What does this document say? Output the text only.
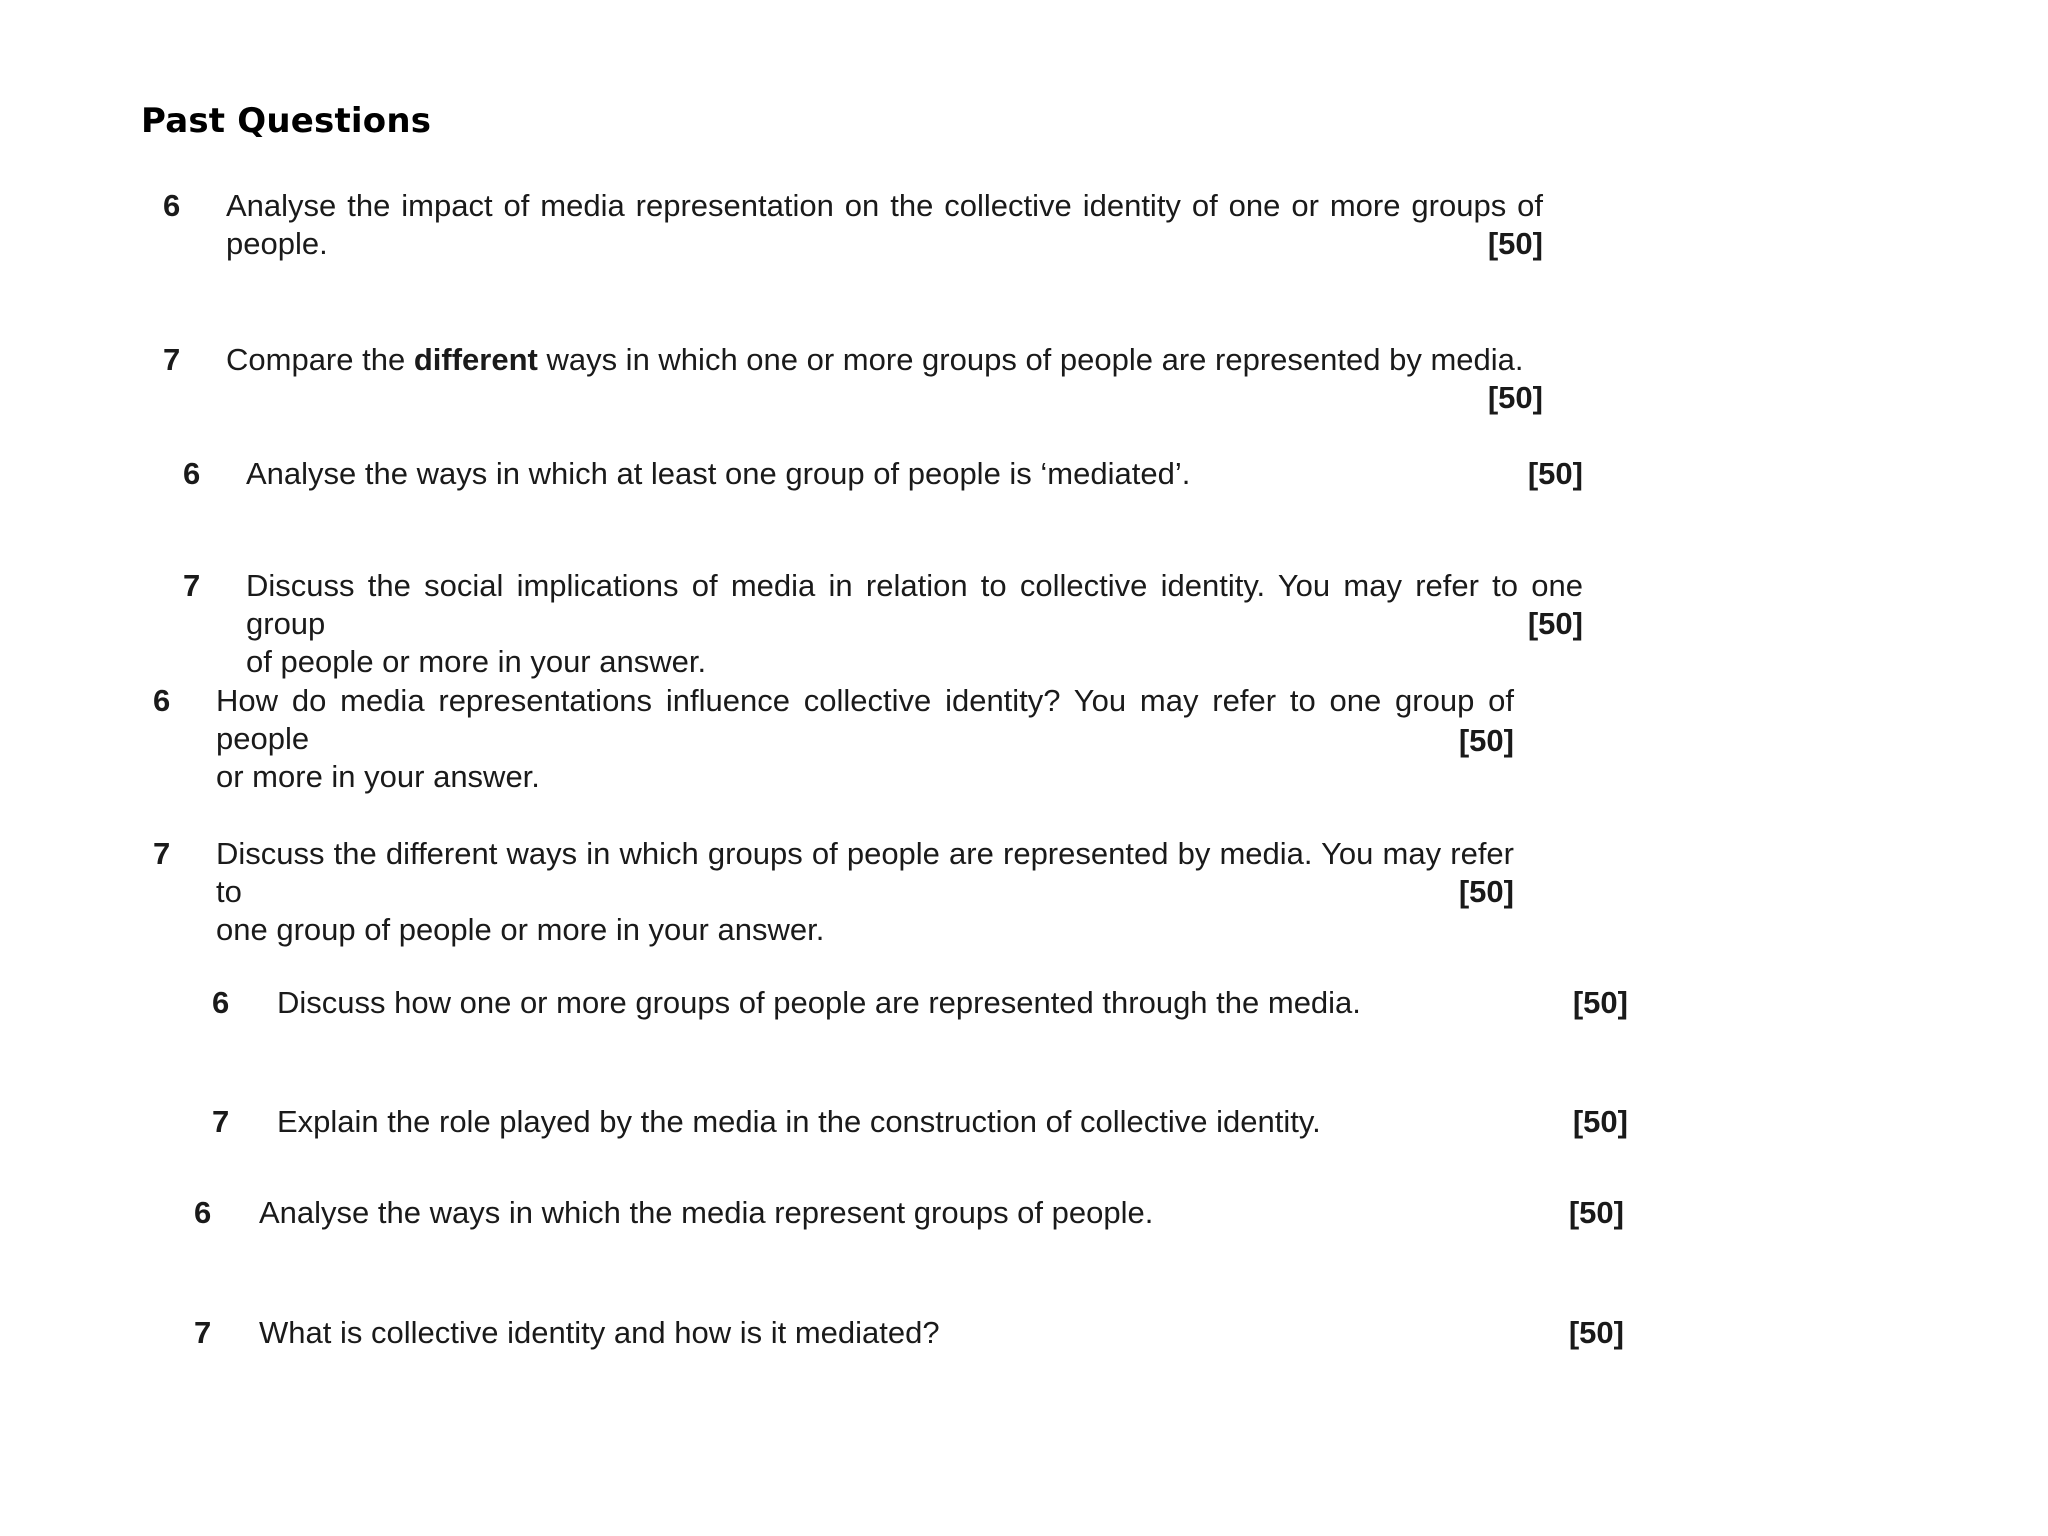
Past Questions
6 Analyse the impact of media representation on the collective identity of one or more groups of
people.	[50]
7 Compare the different ways in which one or more groups of people are represented by media.
[50]
6 Analyse the ways in which at least one group of people is ‘mediated’.	[50]
7 Discuss the social implications of media in relation to collective identity. You may refer to one group
of people or more in your answer.
[50]
6 How do media representations influence collective identity? You may refer to one group of people
or more in your answer.
[50]
7 Discuss the different ways in which groups of people are represented by media. You may refer to
one group of people or more in your answer.
[50]
6 Discuss how one or more groups of people are represented through the media.	[50]
7 Explain the role played by the media in the construction of collective identity.	[50]
6 Analyse the ways in which the media represent groups of people.	[50]
7 What is collective identity and how is it mediated?	[50]
